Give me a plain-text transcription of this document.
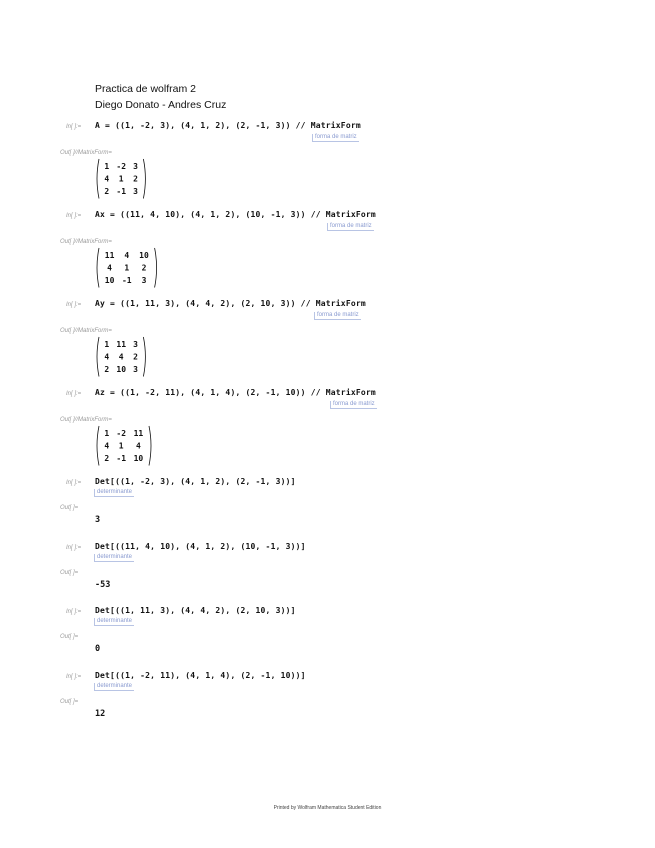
Practica de wolfram 2
Diego Donato - Andres Cruz
In[ ]:= A = ((1, -2, 3), (4, 1, 2), (2, -1, 3)) // MatrixForm
forma de matriz
Out[ ]//MatrixForm=
1 -2 3
4 1 2
2 -1 3
In[ ]:= Ax = ((11, 4, 10), (4, 1, 2), (10, -1, 3)) // MatrixForm
forma de matriz
Out[ ]//MatrixForm=
11 4 10
4 1 2
10 -1 3
In[ ]:= Ay = ((1, 11, 3), (4, 4, 2), (2, 10, 3)) // MatrixForm
forma de matriz
Out[ ]//MatrixForm=
1 11 3
4 4 2
2 10 3
In[ ]:= Az = ((1, -2, 11), (4, 1, 4), (2, -1, 10)) // MatrixForm
forma de matriz
Out[ ]//MatrixForm=
1 -2 11
4 1 4
2 -1 10
In[ ]:= Det[((1, -2, 3), (4, 1, 2), (2, -1, 3))]
determinante
Out[ ]=
3
In[ ]:= Det[((11, 4, 10), (4, 1, 2), (10, -1, 3))]
determinante
Out[ ]=
-53
In[ ]:= Det[((1, 11, 3), (4, 4, 2), (2, 10, 3))]
determinante
Out[ ]=
0
In[ ]:= Det[((1, -2, 11), (4, 1, 4), (2, -1, 10))]
determinante
Out[ ]=
12
Printed by Wolfram Mathematica Student Edition
